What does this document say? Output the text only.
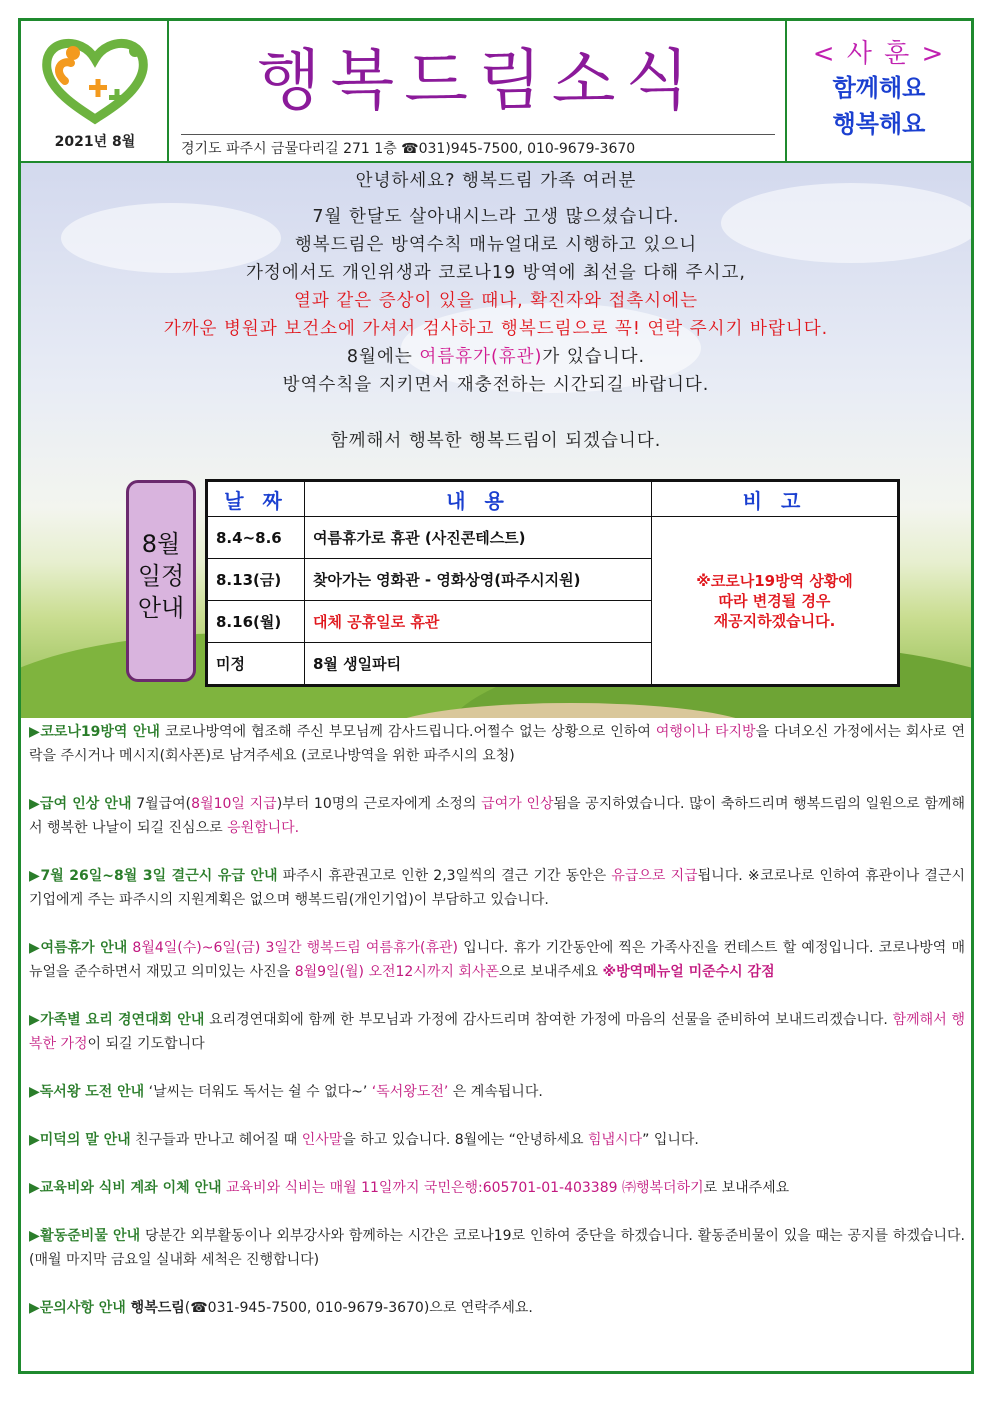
2021년 8월
행복드림소식
경기도 파주시 금물다리길 271 1층 ☎031)945-7500, 010-9679-3670
< 사 훈 >
함께해요
행복해요
안녕하세요? 행복드림 가족 여러분
7월 한달도 살아내시느라 고생 많으셨습니다.
행복드림은 방역수칙 매뉴얼대로 시행하고 있으니
가정에서도 개인위생과 코로나19 방역에 최선을 다해 주시고,
열과 같은 증상이 있을 때나, 확진자와 접촉시에는
가까운 병원과 보건소에 가셔서 검사하고 행복드림으로 꼭! 연락 주시기 바랍니다.
8월에는 여름휴가(휴관)가 있습니다.
방역수칙을 지키면서 재충전하는 시간되길 바랍니다.
함께해서 행복한 행복드림이 되겠습니다.
8월
일정
안내
날 짜	내 용	비 고
8.4~8.6	여름휴가로 휴관 (사진콘테스트)	※코로나19방역 상황에
따라 변경될 경우
재공지하겠습니다.

8.13(금)	찾아가는 영화관 - 영화상영(파주시지원)	
8.16(월)	대체 공휴일로 휴관	
미정	8월 생일파티	

▶코로나19방역 안내 코로나방역에 협조해 주신 부모님께 감사드립니다.어쩔수 없는 상황으로 인하여 여행이나 타지방을 다녀오신 가정에서는 회사로 연락을 주시거나 메시지(회사폰)로 남겨주세요 (코로나방역을 위한 파주시의 요청)

▶급여 인상 안내 7월급여(8월10일 지급)부터 10명의 근로자에게 소정의 급여가 인상됨을 공지하였습니다. 많이 축하드리며 행복드림의 일원으로 함께해서 행복한 나날이 되길 진심으로 응원합니다.

▶7월 26일~8월 3일 결근시 유급 안내 파주시 휴관권고로 인한 2,3일씩의 결근 기간 동안은 유급으로 지급됩니다. ※코로나로 인하여 휴관이나 결근시 기업에게 주는 파주시의 지원계획은 없으며 행복드림(개인기업)이 부담하고 있습니다.

▶여름휴가 안내 8월4일(수)~6일(금) 3일간 행복드림 여름휴가(휴관) 입니다. 휴가 기간동안에 찍은 가족사진을 컨테스트 할 예정입니다. 코로나방역 매뉴얼을 준수하면서 재밌고 의미있는 사진을 8월9일(월) 오전12시까지 회사폰으로 보내주세요 ※방역메뉴얼 미준수시 감점

▶가족별 요리 경연대회 안내 요리경연대회에 함께 한 부모님과 가정에 감사드리며 참여한 가정에 마음의 선물을 준비하여 보내드리겠습니다. 함께해서 행복한 가정이 되길 기도합니다

▶독서왕 도전 안내 ‘날씨는 더워도 독서는 쉴 수 없다~’ ‘독서왕도전’ 은 계속됩니다.

▶미덕의 말 안내 친구들과 만나고 헤어질 때 인사말을 하고 있습니다. 8월에는 “안녕하세요 힘냅시다” 입니다.

▶교육비와 식비 계좌 이체 안내 교육비와 식비는 매월 11일까지 국민은행:605701-01-403389 ㈜행복더하기로 보내주세요

▶활동준비물 안내 당분간 외부활동이나 외부강사와 함께하는 시간은 코로나19로 인하여 중단을 하겠습니다. 활동준비물이 있을 때는 공지를 하겠습니다. (매월 마지막 금요일 실내화 세척은 진행합니다)

▶문의사항 안내 행복드림(☎031-945-7500, 010-9679-3670)으로 연락주세요.
